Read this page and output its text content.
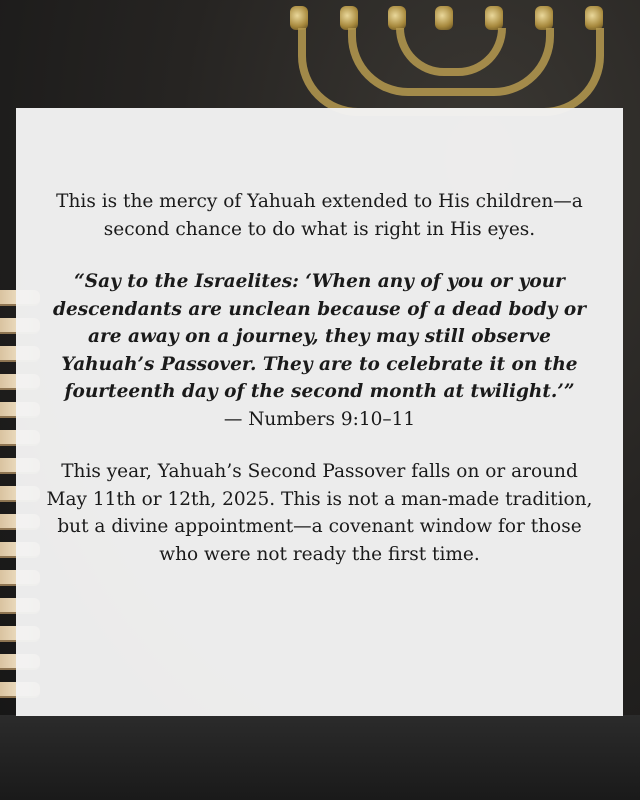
This is the mercy of Yahuah extended to His children—a second chance to do what is right in His eyes.

“Say to the Israelites: ‘When any of you or your descendants are unclean because of a dead body or are away on a journey, they may still observe Yahuah’s Passover. They are to celebrate it on the fourteenth day of the second month at twilight.’”

— Numbers 9:10–11

This year, Yahuah’s Second Passover falls on or around May 11th or 12th, 2025. This is not a man-made tradition, but a divine appointment—a covenant window for those who were not ready the first time.
